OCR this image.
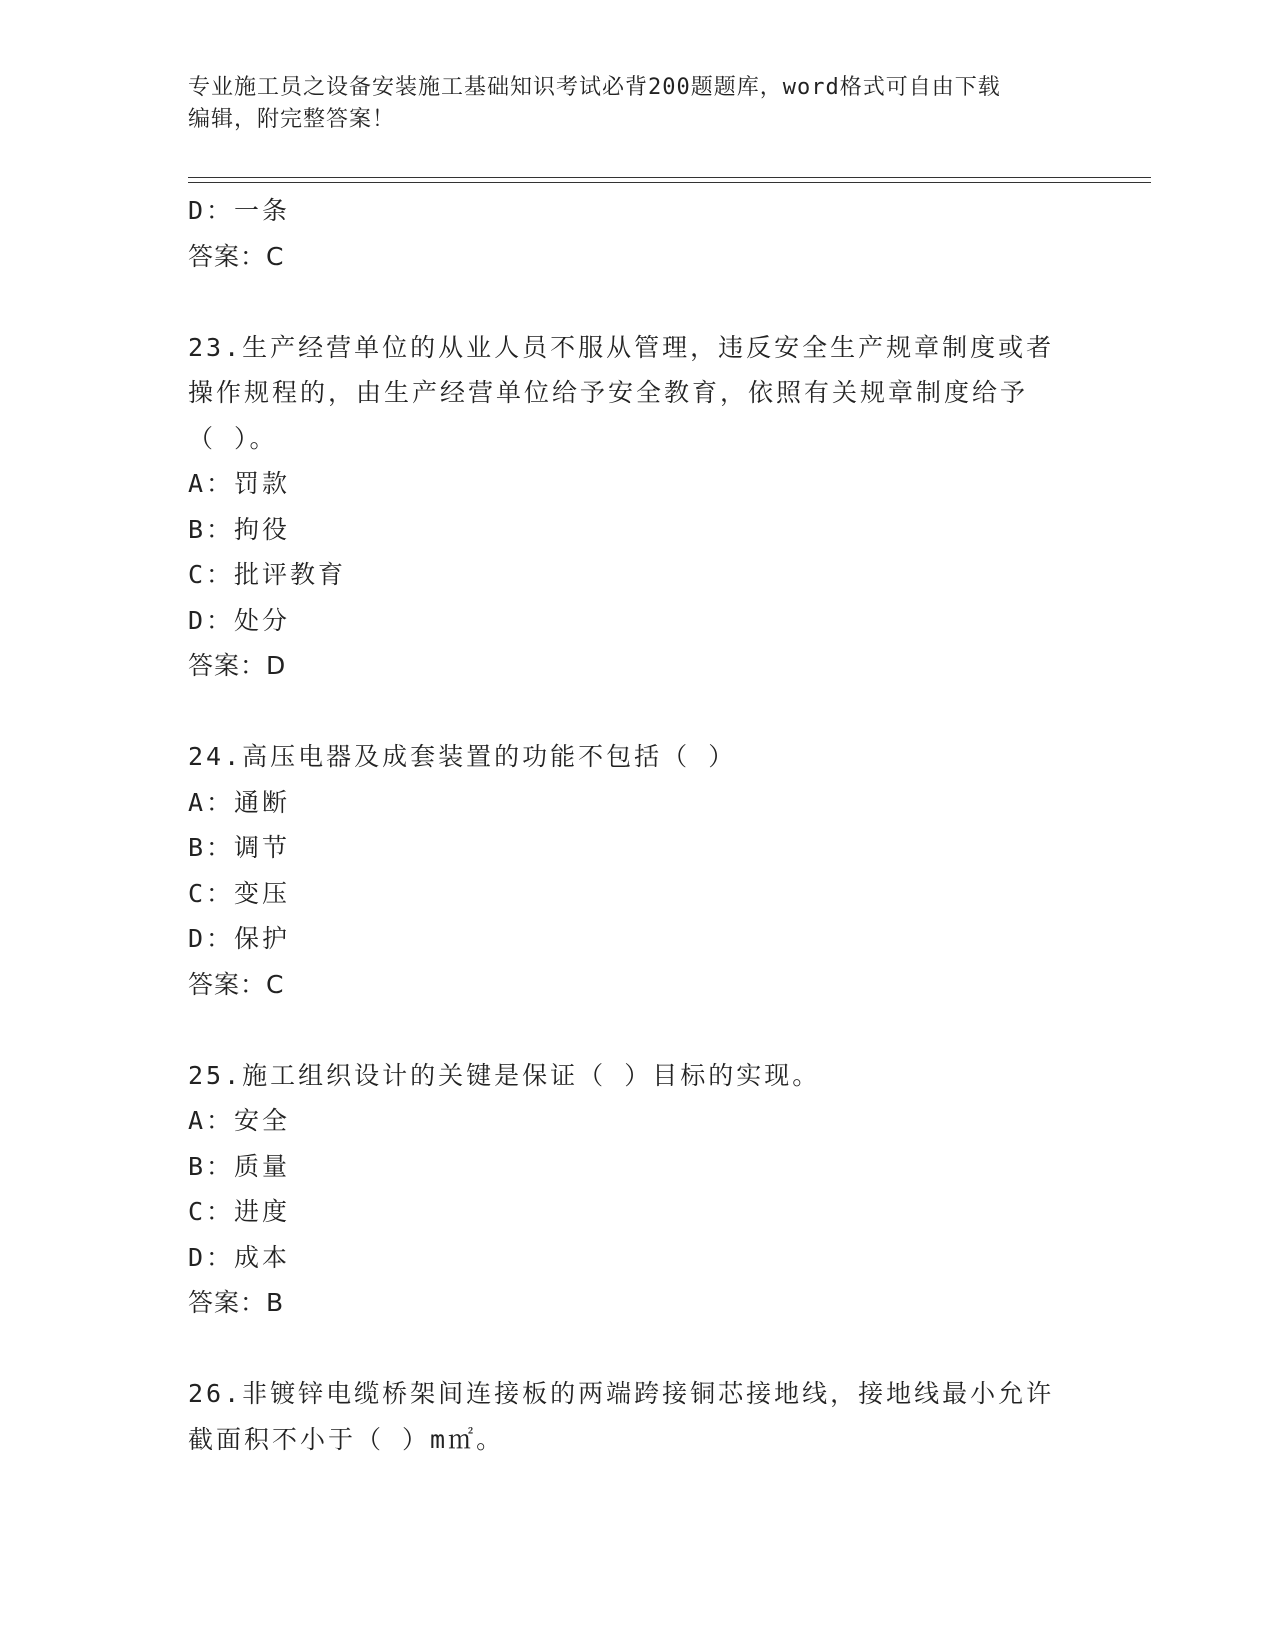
专业施工员之设备安装施工基础知识考试必背200题题库，word格式可自由下载
编辑，附完整答案！
D：一条
答案：C
23.生产经营单位的从业人员不服从管理，违反安全生产规章制度或者
操作规程的，由生产经营单位给予安全教育，依照有关规章制度给予
（ ）。
A：罚款
B：拘役
C：批评教育
D：处分
答案：D
24.高压电器及成套装置的功能不包括（ ）
A：通断
B：调节
C：变压
D：保护
答案：C
25.施工组织设计的关键是保证（ ）目标的实现。
A：安全
B：质量
C：进度
D：成本
答案：B
26.非镀锌电缆桥架间连接板的两端跨接铜芯接地线，接地线最小允许
截面积不小于（ ）m㎡。
